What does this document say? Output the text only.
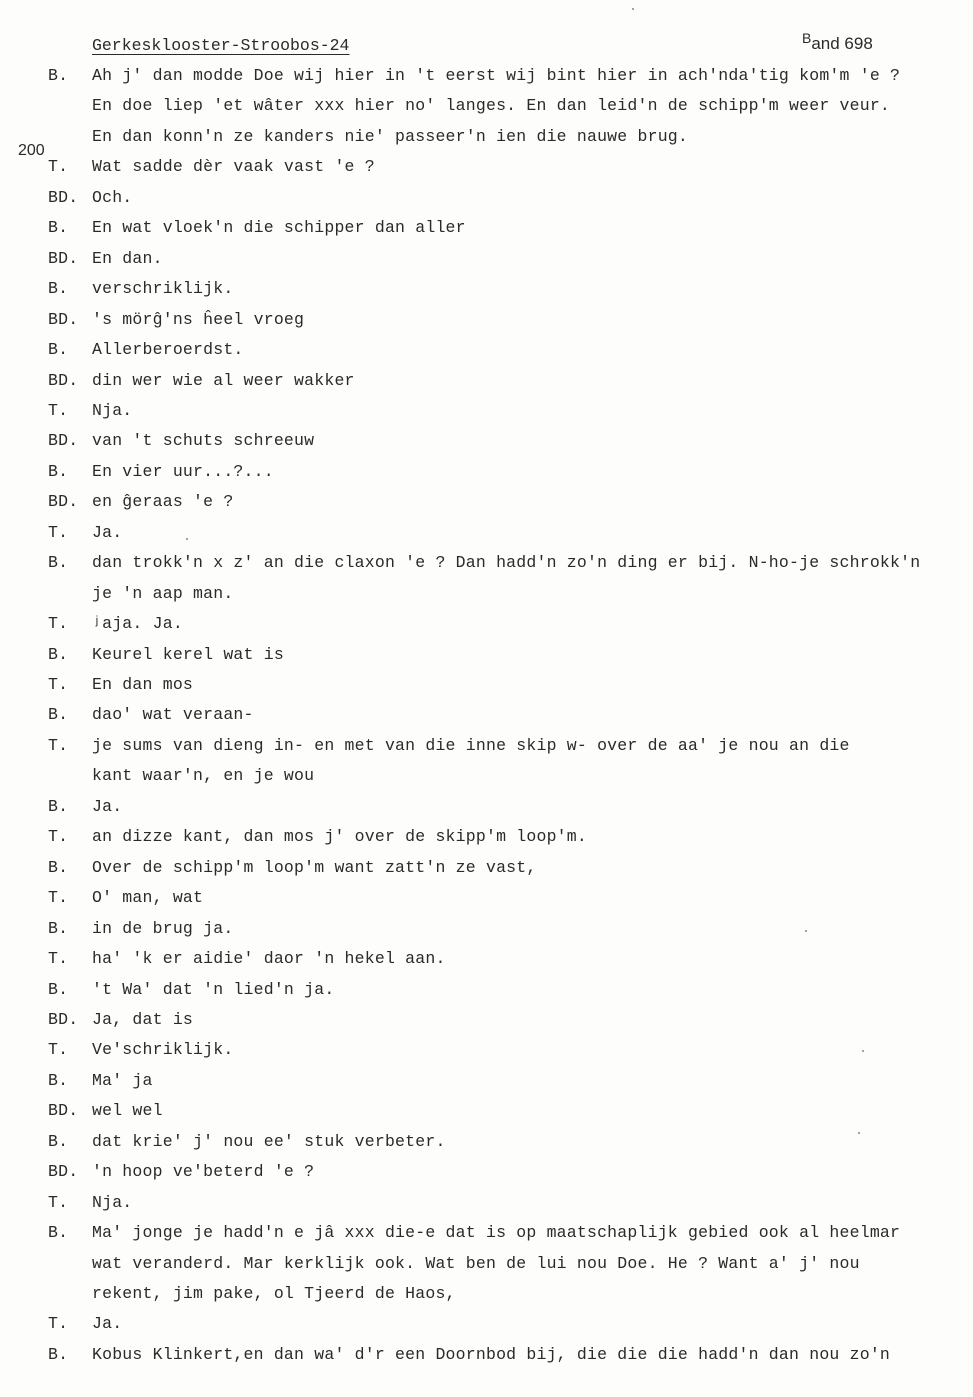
Gerkesklooster-Stroobos-24	$^B$and 698
200
B. Ah j' dan modde Doe wij hier in 't eerst wij bint hier in ach'nda'tig kom'm 'e ?
En doe liep 'et wâter xxx hier no' langes. En dan leid'n de schipp'm weer veur.
En dan konn'n ze kanders nie' passeer'n ien die nauwe brug.
T. Wat sadde dèr vaak vast 'e ?
BD. Och.
B. En wat vloek'n die schipper dan aller
BD. En dan.
B. verschriklijk.
BD. 's mörĝ'ns ĥeel vroeg
B. Allerberoerdst.
BD. din wer wie al weer wakker
T. Nja.
BD. van 't schuts schreeuw
B. En vier uur...?...
BD. en ĝeraas 'e ?
T. Ja.
B. dan trokk'n x z' an die claxon 'e ? Dan hadd'n zo'n ding er bij. N-ho-je schrokk'n
je 'n aap man.
T. ʲaja. Ja.
B. Keurel kerel wat is
T. En dan mos
B. dao' wat veraan-
T. je sums van dieng in- en met van die inne skip w- over de aa' je nou an die
kant waar'n, en je wou
B. Ja.
T. an dizze kant, dan mos j' over de skipp'm loop'm.
B. Over de schipp'm loop'm want zatt'n ze vast,
T. O' man, wat
B. in de brug ja.
T. ha' 'k er aidie' daor 'n hekel aan.
B. 't Wa' dat 'n lied'n ja.
BD. Ja, dat is
T. Ve'schriklijk.
B. Ma' ja
BD. wel wel
B. dat krie' j' nou ee' stuk verbeter.
BD. 'n hoop ve'beterd 'e ?
T. Nja.
B. Ma' jonge je hadd'n e jâ xxx die-e dat is op maatschaplijk gebied ook al heelmar
wat veranderd. Mar kerklijk ook. Wat ben de lui nou Doe. He ? Want a' j' nou
rekent, jim pake, ol Tjeerd de Haos,
T. Ja.
B. Kobus Klinkert,en dan wa' d'r een Doornbod bij, die die die hadd'n dan nou zo'n
